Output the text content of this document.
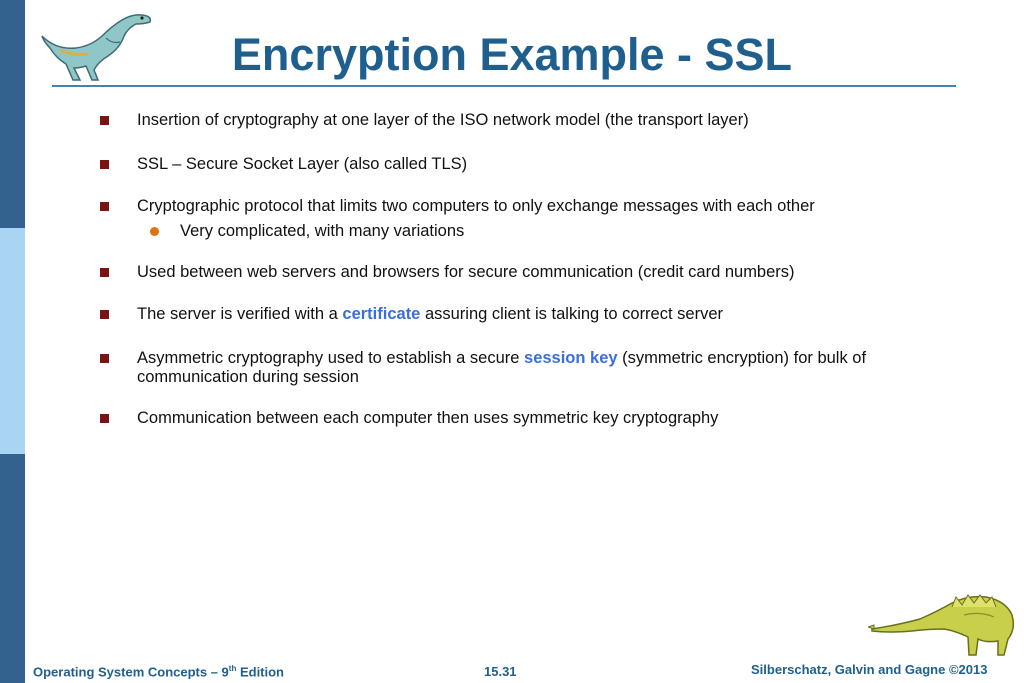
Encryption Example - SSL
Insertion of cryptography at one layer of the ISO network model (the transport layer)
SSL – Secure Socket Layer (also called TLS)
Cryptographic protocol that limits two computers to only exchange messages with each other
Very complicated, with many variations
Used between web servers and browsers for secure communication (credit card numbers)
The server is verified with a certificate assuring client is talking to correct server
Asymmetric cryptography used to establish a secure session key (symmetric encryption) for bulk of communication during session
Communication between each computer then uses symmetric key cryptography
Operating System Concepts – 9th Edition	15.31	Silberschatz, Galvin and Gagne ©2013
